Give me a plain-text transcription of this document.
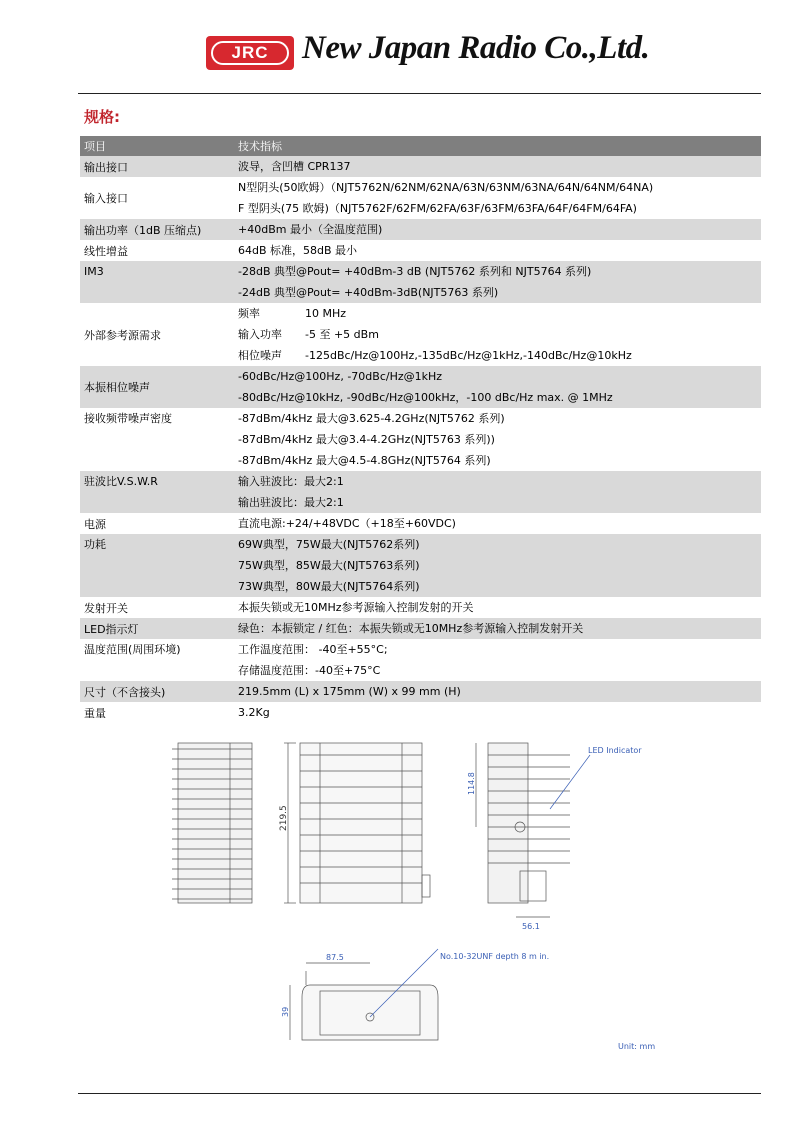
JRC	New Japan Radio Co.,Ltd.
规格:
项目	技术指标
输出接口	波导，含凹槽 CPR137

输入接口	N型阴头(50欧姆）（NJT5762N/62NM/62NA/63N/63NM/63NA/64N/64NM/64NA)
F 型阴头(75 欧姆)（NJT5762F/62FM/62FA/63F/63FM/63FA/64F/64FM/64FA)

输出功率（1dB 压缩点)	+40dBm 最小（全温度范围)

线性增益	64dB 标准，58dB 最小

IM3	-28dB 典型@Pout= +40dBm-3 dB (NJT5762 系列和 NJT5764 系列)
-24dB 典型@Pout= +40dBm-3dB(NJT5763 系列)

外部参考源需求	频率 10 MHz
输入功率 -5 至 +5 dBm
相位噪声 -125dBc/Hz@100Hz,-135dBc/Hz@1kHz,-140dBc/Hz@10kHz

本振相位噪声	-60dBc/Hz@100Hz, -70dBc/Hz@1kHz
-80dBc/Hz@10kHz, -90dBc/Hz@100kHz，-100 dBc/Hz max. @ 1MHz

接收频带噪声密度	-87dBm/4kHz 最大@3.625-4.2GHz(NJT5762 系列)
-87dBm/4kHz 最大@3.4-4.2GHz(NJT5763 系列))
-87dBm/4kHz 最大@4.5-4.8GHz(NJT5764 系列)

驻波比V.S.W.R	输入驻波比：最大2:1
输出驻波比：最大2:1

电源	直流电源:+24/+48VDC（+18至+60VDC)

功耗	69W典型，75W最大(NJT5762系列)
75W典型，85W最大(NJT5763系列)
73W典型，80W最大(NJT5764系列)

发射开关	本振失锁或无10MHz参考源输入控制发射的开关

LED指示灯	绿色：本振锁定 / 红色：本振失锁或无10MHz参考源输入控制发射开关

温度范围(周围环境)	工作温度范围： -40至+55°C;
存储温度范围：-40至+75°C

尺寸（不含接头)	219.5mm (L) x 175mm (W) x 99 mm (H)

重量	3.2Kg
219.5
114.8
56.1
LED Indicator
87.5
39
No.10-32UNF depth 8 m in.
Unit: mm
